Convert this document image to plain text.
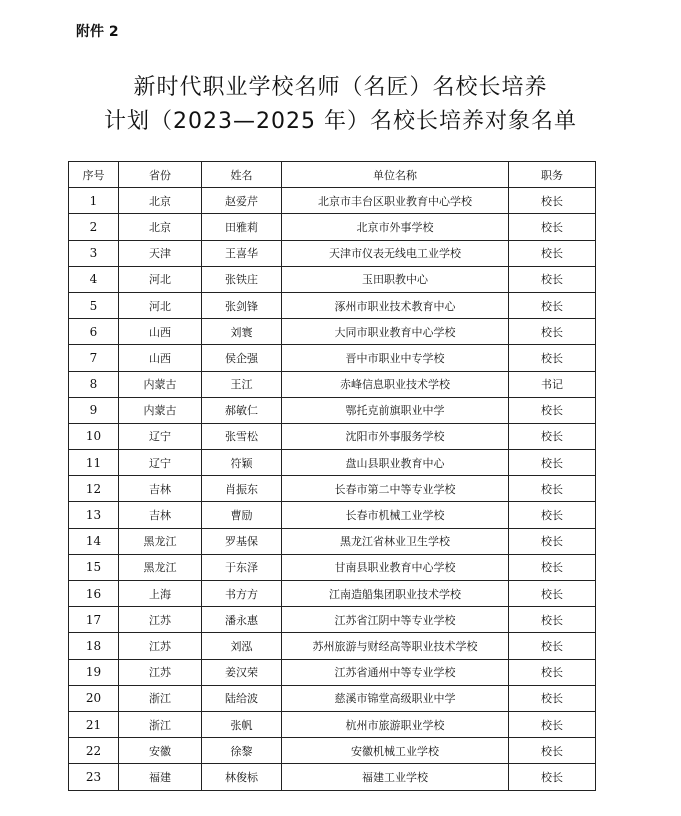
附件 2
新时代职业学校名师（名匠）名校长培养
计划（2023—2025 年）名校长培养对象名单
序号	省份	姓名	单位名称	职务
1	北京	赵爱芹	北京市丰台区职业教育中心学校	校长
2	北京	田雅莉	北京市外事学校	校长
3	天津	王喜华	天津市仪表无线电工业学校	校长
4	河北	张铁庄	玉田职教中心	校长
5	河北	张剑锋	涿州市职业技术教育中心	校长
6	山西	刘寰	大同市职业教育中心学校	校长
7	山西	侯企强	晋中市职业中专学校	校长
8	内蒙古	王江	赤峰信息职业技术学校	书记
9	内蒙古	郝敏仁	鄂托克前旗职业中学	校长
10	辽宁	张雪松	沈阳市外事服务学校	校长
11	辽宁	符颖	盘山县职业教育中心	校长
12	吉林	肖振东	长春市第二中等专业学校	校长
13	吉林	曹励	长春市机械工业学校	校长
14	黑龙江	罗基保	黑龙江省林业卫生学校	校长
15	黑龙江	于东泽	甘南县职业教育中心学校	校长
16	上海	书方方	江南造船集团职业技术学校	校长
17	江苏	潘永惠	江苏省江阴中等专业学校	校长
18	江苏	刘泓	苏州旅游与财经高等职业技术学校	校长
19	江苏	姜汉荣	江苏省通州中等专业学校	校长
20	浙江	陆给波	慈溪市锦堂高级职业中学	校长
21	浙江	张帆	杭州市旅游职业学校	校长
22	安徽	徐黎	安徽机械工业学校	校长
23	福建	林俊标	福建工业学校	校长
